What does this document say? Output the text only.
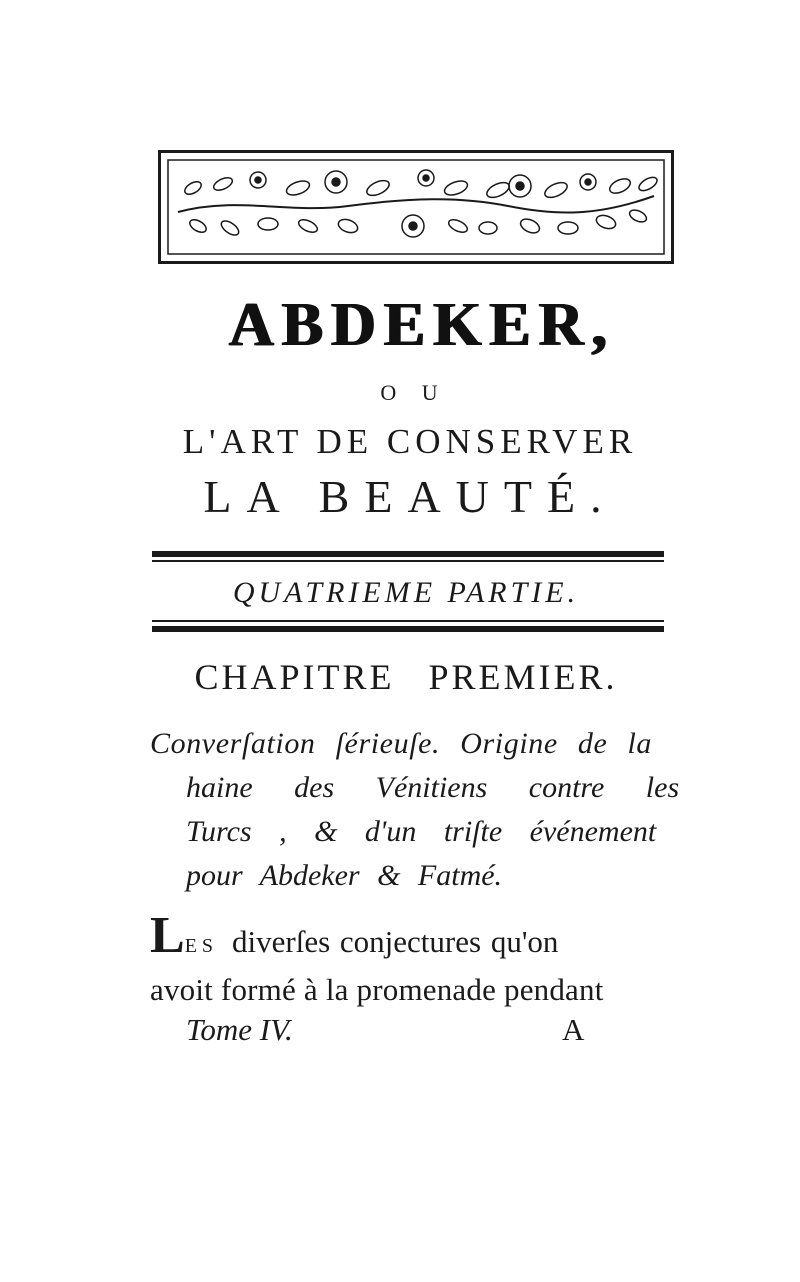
ABDEKER,
O U
L'ART DE CONSERVER
LA BEAUTÉ.
QUATRIEME PARTIE.
CHAPITRE PREMIER.
Converſation ſérieuſe. Origine de la
haine des Vénitiens contre les
Turcs , & d'un triſte événement
pour Abdeker & Fatmé.
LES diverſes conjectures qu'on
avoit formé à la promenade pendant
Tome IV.	A
